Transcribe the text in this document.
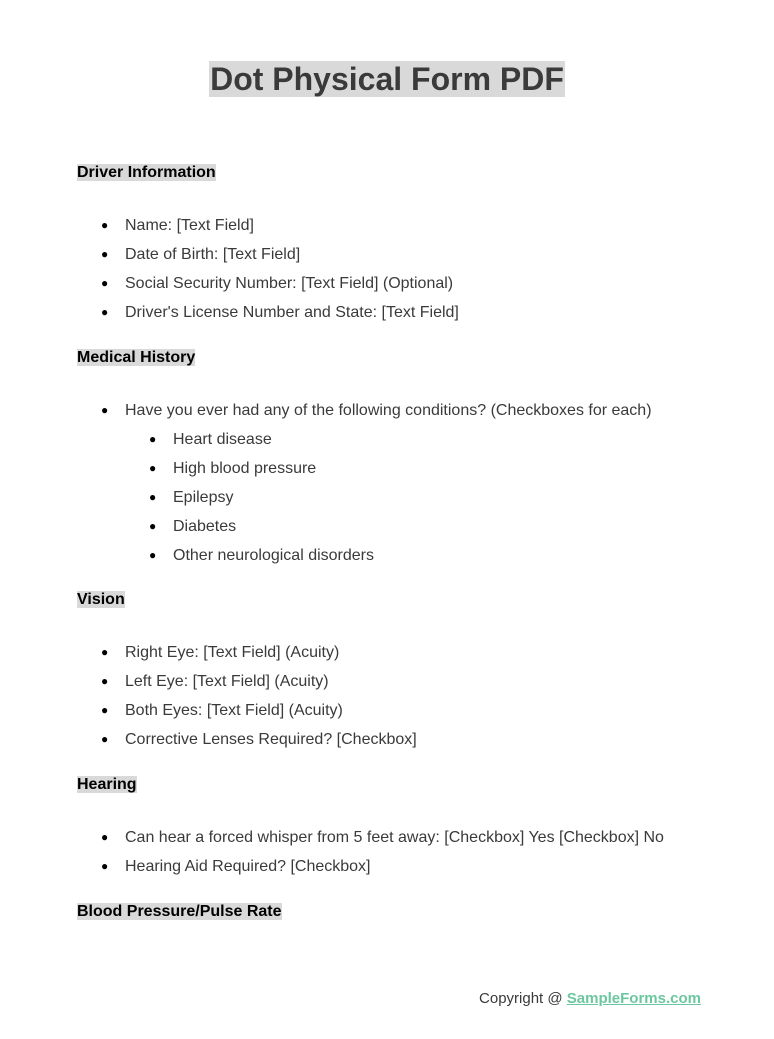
Dot Physical Form PDF
Driver Information
● Name: [Text Field]
● Date of Birth: [Text Field]
● Social Security Number: [Text Field] (Optional)
● Driver's License Number and State: [Text Field]
Medical History
● Have you ever had any of the following conditions? (Checkboxes for each)
● Heart disease
● High blood pressure
● Epilepsy
● Diabetes
● Other neurological disorders
Vision
● Right Eye: [Text Field] (Acuity)
● Left Eye: [Text Field] (Acuity)
● Both Eyes: [Text Field] (Acuity)
● Corrective Lenses Required? [Checkbox]
Hearing
● Can hear a forced whisper from 5 feet away: [Checkbox] Yes [Checkbox] No
● Hearing Aid Required? [Checkbox]
Blood Pressure/Pulse Rate
Copyright @ SampleForms.com
